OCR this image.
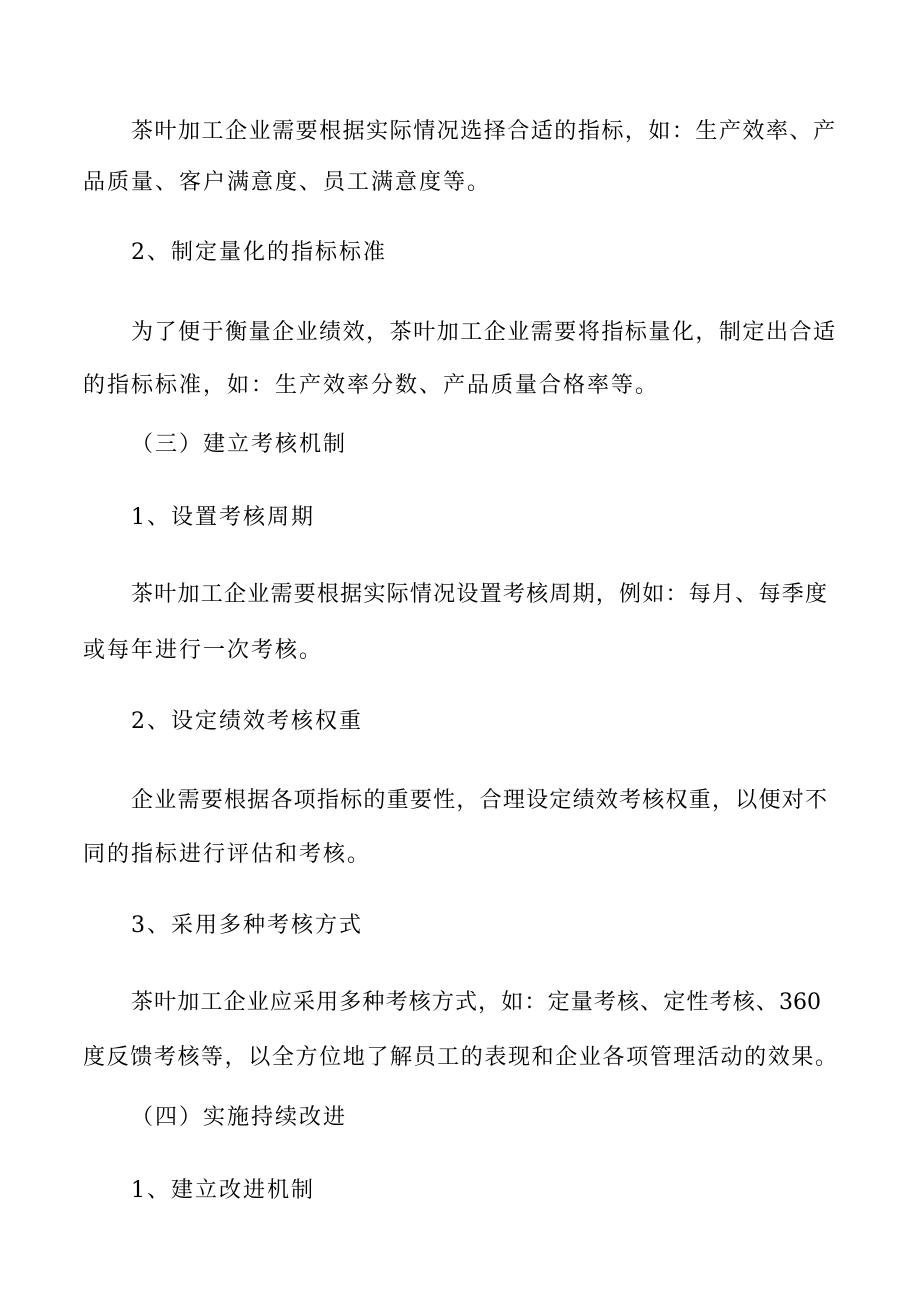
茶叶加工企业需要根据实际情况选择合适的指标，如：生产效率、产
品质量、客户满意度、员工满意度等。
2、制定量化的指标标准
为了便于衡量企业绩效，茶叶加工企业需要将指标量化，制定出合适
的指标标准，如：生产效率分数、产品质量合格率等。
（三）建立考核机制
1、设置考核周期
茶叶加工企业需要根据实际情况设置考核周期，例如：每月、每季度
或每年进行一次考核。
2、设定绩效考核权重
企业需要根据各项指标的重要性，合理设定绩效考核权重，以便对不
同的指标进行评估和考核。
3、采用多种考核方式
茶叶加工企业应采用多种考核方式，如：定量考核、定性考核、360
度反馈考核等，以全方位地了解员工的表现和企业各项管理活动的效果。
（四）实施持续改进
1、建立改进机制
